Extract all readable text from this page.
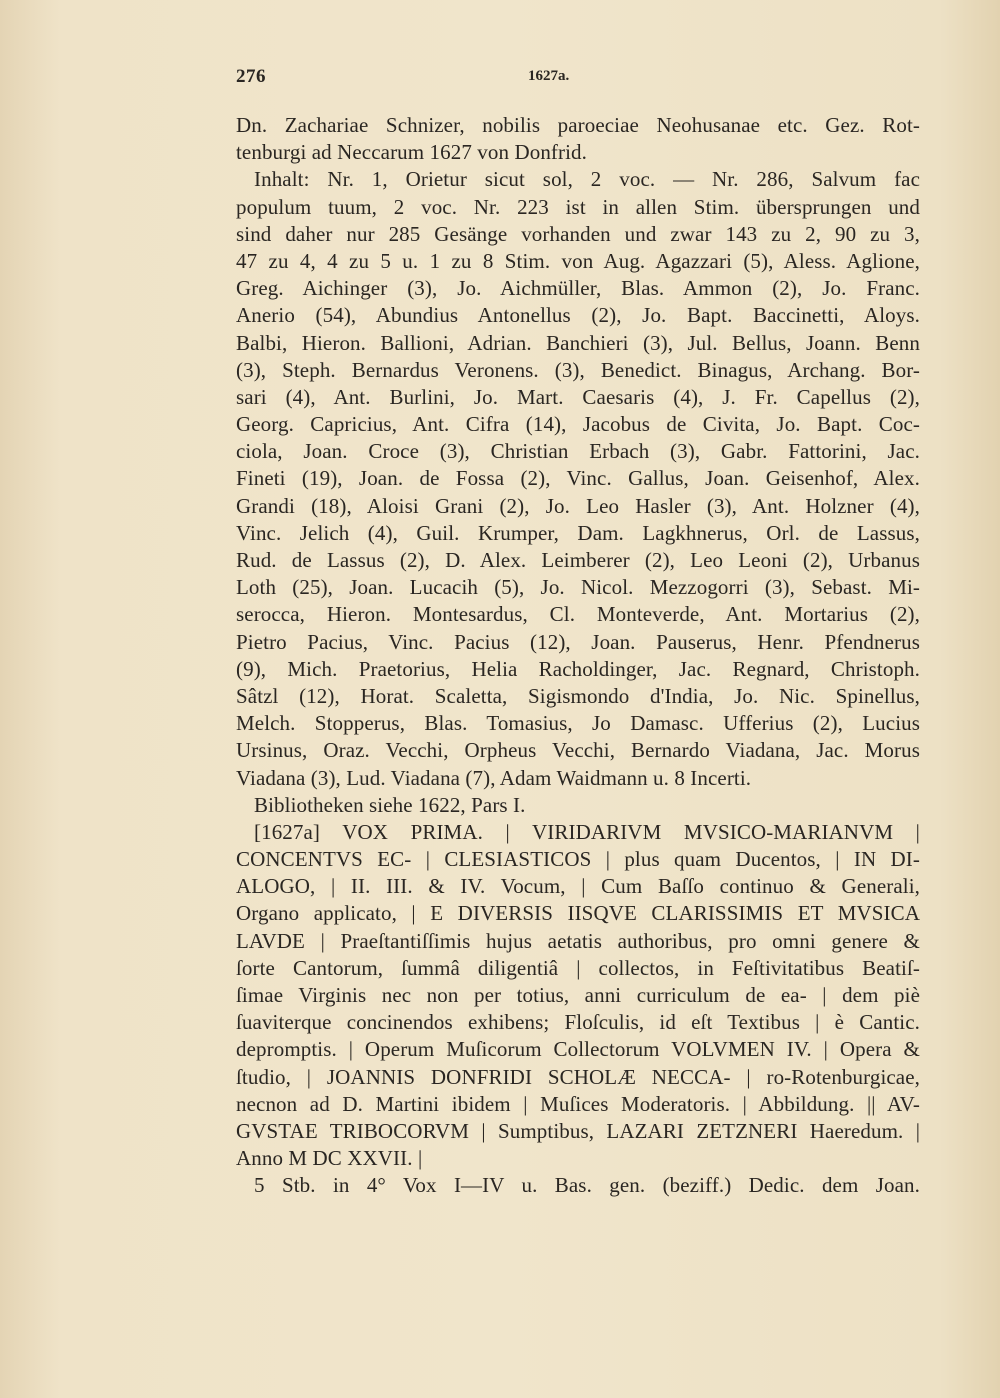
276	1627a.
Dn. Zachariae Schnizer, nobilis paroeciae Neohusanae etc. Gez. Rot-
tenburgi ad Neccarum 1627 von Donfrid.
Inhalt: Nr. 1, Orietur sicut sol, 2 voc. — Nr. 286, Salvum fac
populum tuum, 2 voc. Nr. 223 ist in allen Stim. übersprungen und
sind daher nur 285 Gesänge vorhanden und zwar 143 zu 2, 90 zu 3,
47 zu 4, 4 zu 5 u. 1 zu 8 Stim. von Aug. Agazzari (5), Aless. Aglione,
Greg. Aichinger (3), Jo. Aichmüller, Blas. Ammon (2), Jo. Franc.
Anerio (54), Abundius Antonellus (2), Jo. Bapt. Baccinetti, Aloys.
Balbi, Hieron. Ballioni, Adrian. Banchieri (3), Jul. Bellus, Joann. Benn
(3), Steph. Bernardus Veronens. (3), Benedict. Binagus, Archang. Bor-
sari (4), Ant. Burlini, Jo. Mart. Caesaris (4), J. Fr. Capellus (2),
Georg. Capricius, Ant. Cifra (14), Jacobus de Civita, Jo. Bapt. Coc-
ciola, Joan. Croce (3), Christian Erbach (3), Gabr. Fattorini, Jac.
Fineti (19), Joan. de Fossa (2), Vinc. Gallus, Joan. Geisenhof, Alex.
Grandi (18), Aloisi Grani (2), Jo. Leo Hasler (3), Ant. Holzner (4),
Vinc. Jelich (4), Guil. Krumper, Dam. Lagkhnerus, Orl. de Lassus,
Rud. de Lassus (2), D. Alex. Leimberer (2), Leo Leoni (2), Urbanus
Loth (25), Joan. Lucacih (5), Jo. Nicol. Mezzogorri (3), Sebast. Mi-
serocca, Hieron. Montesardus, Cl. Monteverde, Ant. Mortarius (2),
Pietro Pacius, Vinc. Pacius (12), Joan. Pauserus, Henr. Pfendnerus
(9), Mich. Praetorius, Helia Racholdinger, Jac. Regnard, Christoph.
Sâtzl (12), Horat. Scaletta, Sigismondo d'India, Jo. Nic. Spinellus,
Melch. Stopperus, Blas. Tomasius, Jo Damasc. Ufferius (2), Lucius
Ursinus, Oraz. Vecchi, Orpheus Vecchi, Bernardo Viadana, Jac. Morus
Viadana (3), Lud. Viadana (7), Adam Waidmann u. 8 Incerti.
Bibliotheken siehe 1622, Pars I.
[1627a] VOX PRIMA. | VIRIDARIVM MVSICO-MARIANVM |
CONCENTVS EC- | CLESIASTICOS | plus quam Ducentos, | IN DI-
ALOGO, | II. III. & IV. Vocum, | Cum Baſſo continuo & Generali,
Organo applicato, | E DIVERSIS IISQVE CLARISSIMIS ET MVSICA
LAVDE | Praeſtantiſſimis hujus aetatis authoribus, pro omni genere &
ſorte Cantorum, ſummâ diligentiâ | collectos, in Feſtivitatibus Beatiſ-
ſimae Virginis nec non per totius, anni curriculum de ea- | dem piè
ſuaviterque concinendos exhibens; Floſculis, id eſt Textibus | è Cantic.
depromptis. | Operum Muſicorum Collectorum VOLVMEN IV. | Opera &
ſtudio, | JOANNIS DONFRIDI SCHOLÆ NECCA- | ro-Rotenburgicae,
necnon ad D. Martini ibidem | Muſices Moderatoris. | Abbildung. || AV-
GVSTAE TRIBOCORVM | Sumptibus, LAZARI ZETZNERI Haeredum. |
Anno M DC XXVII. |
5 Stb. in 4° Vox I—IV u. Bas. gen. (beziff.) Dedic. dem Joan.
